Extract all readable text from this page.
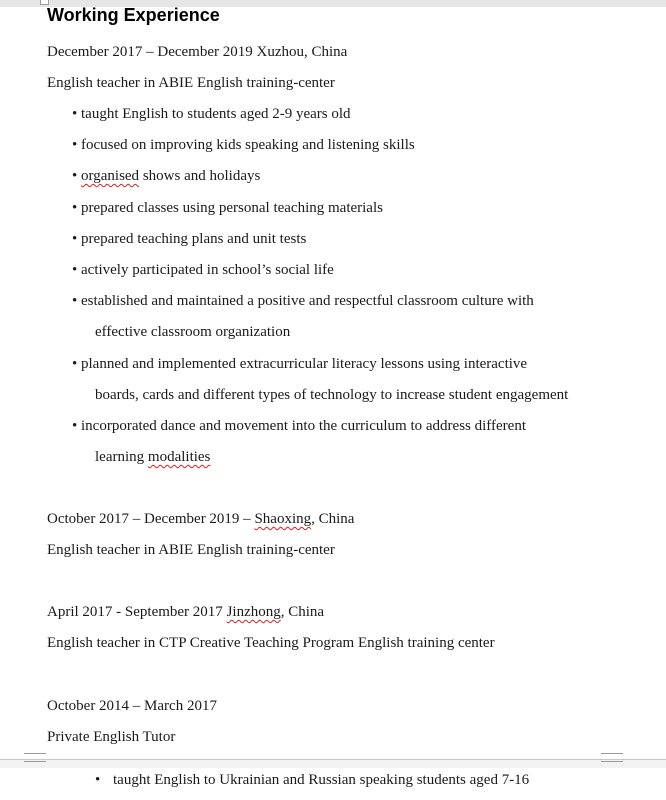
Working Experience
December 2017 – December 2019 Xuzhou, China
English teacher in ABIE English training-center
• taught English to students aged 2-9 years old
• focused on improving kids speaking and listening skills
• organised shows and holidays
• prepared classes using personal teaching materials
• prepared teaching plans and unit tests
• actively participated in school’s social life
• established and maintained a positive and respectful classroom culture with
effective classroom organization
• planned and implemented extracurricular literacy lessons using interactive
boards, cards and different types of technology to increase student engagement
• incorporated dance and movement into the curriculum to address different
learning modalities
October 2017 – December 2019 – Shaoxing, China
English teacher in ABIE English training-center
April 2017 - September 2017 Jinzhong, China
English teacher in CTP Creative Teaching Program English training center
October 2014 – March 2017
Private English Tutor
• taught English to Ukrainian and Russian speaking students aged 7-16
